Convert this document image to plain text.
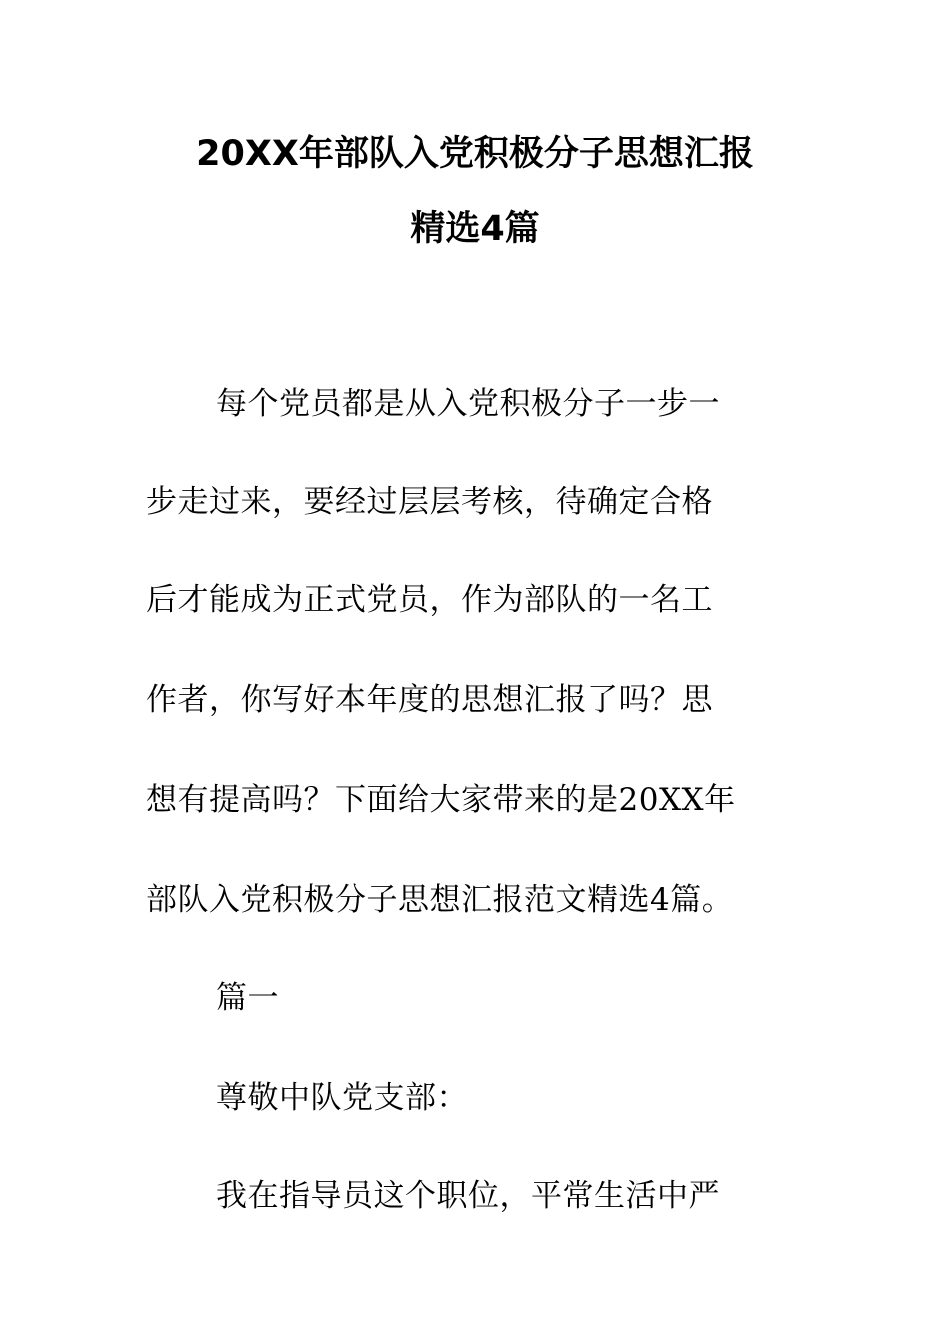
20XX年部队入党积极分子思想汇报
精选4篇
每个党员都是从入党积极分子一步一
步走过来，要经过层层考核，待确定合格
后才能成为正式党员，作为部队的一名工
作者，你写好本年度的思想汇报了吗？思
想有提高吗？下面给大家带来的是20XX年
部队入党积极分子思想汇报范文精选4篇。
篇一
尊敬中队党支部：
我在指导员这个职位，平常生活中严
